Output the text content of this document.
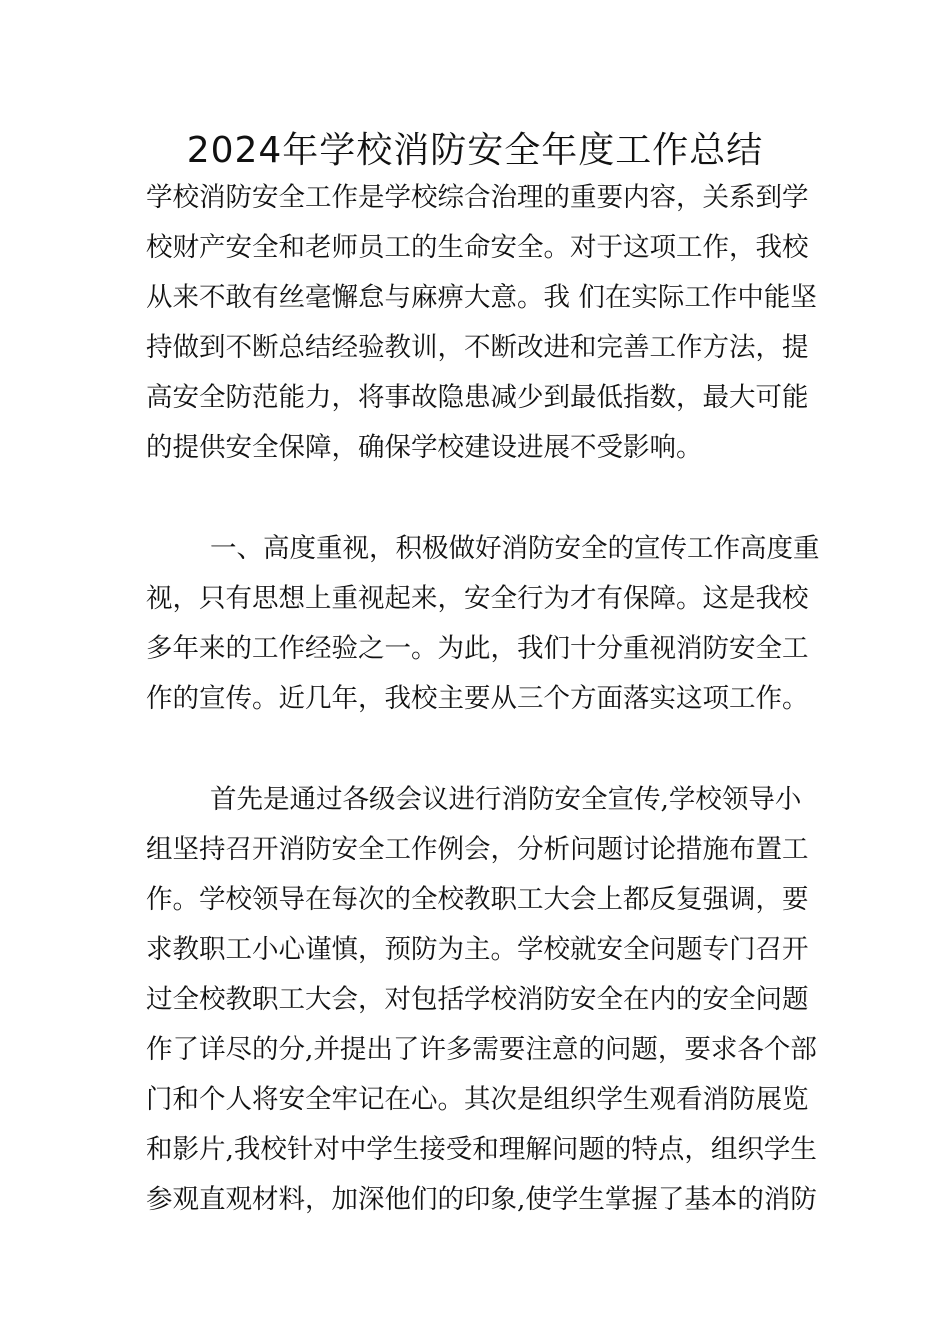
2024年学校消防安全年度工作总结
学校消防安全工作是学校综合治理的重要内容，关系到学
校财产安全和老师员工的生命安全。对于这项工作，我校
从来不敢有丝毫懈怠与麻痹大意。我 们在实际工作中能坚
持做到不断总结经验教训，不断改进和完善工作方法，提
高安全防范能力，将事故隐患减少到最低指数，最大可能
的提供安全保障，确保学校建设进展不受影响。
一、高度重视，积极做好消防安全的宣传工作高度重
视，只有思想上重视起来，安全行为才有保障。这是我校
多年来的工作经验之一。为此，我们十分重视消防安全工
作的宣传。近几年，我校主要从三个方面落实这项工作。
首先是通过各级会议进行消防安全宣传,学校领导小
组坚持召开消防安全工作例会，分析问题讨论措施布置工
作。学校领导在每次的全校教职工大会上都反复强调，要
求教职工小心谨慎，预防为主。学校就安全问题专门召开
过全校教职工大会，对包括学校消防安全在内的安全问题
作了详尽的分,并提出了许多需要注意的问题，要求各个部
门和个人将安全牢记在心。其次是组织学生观看消防展览
和影片,我校针对中学生接受和理解问题的特点，组织学生
参观直观材料，加深他们的印象,使学生掌握了基本的消防
